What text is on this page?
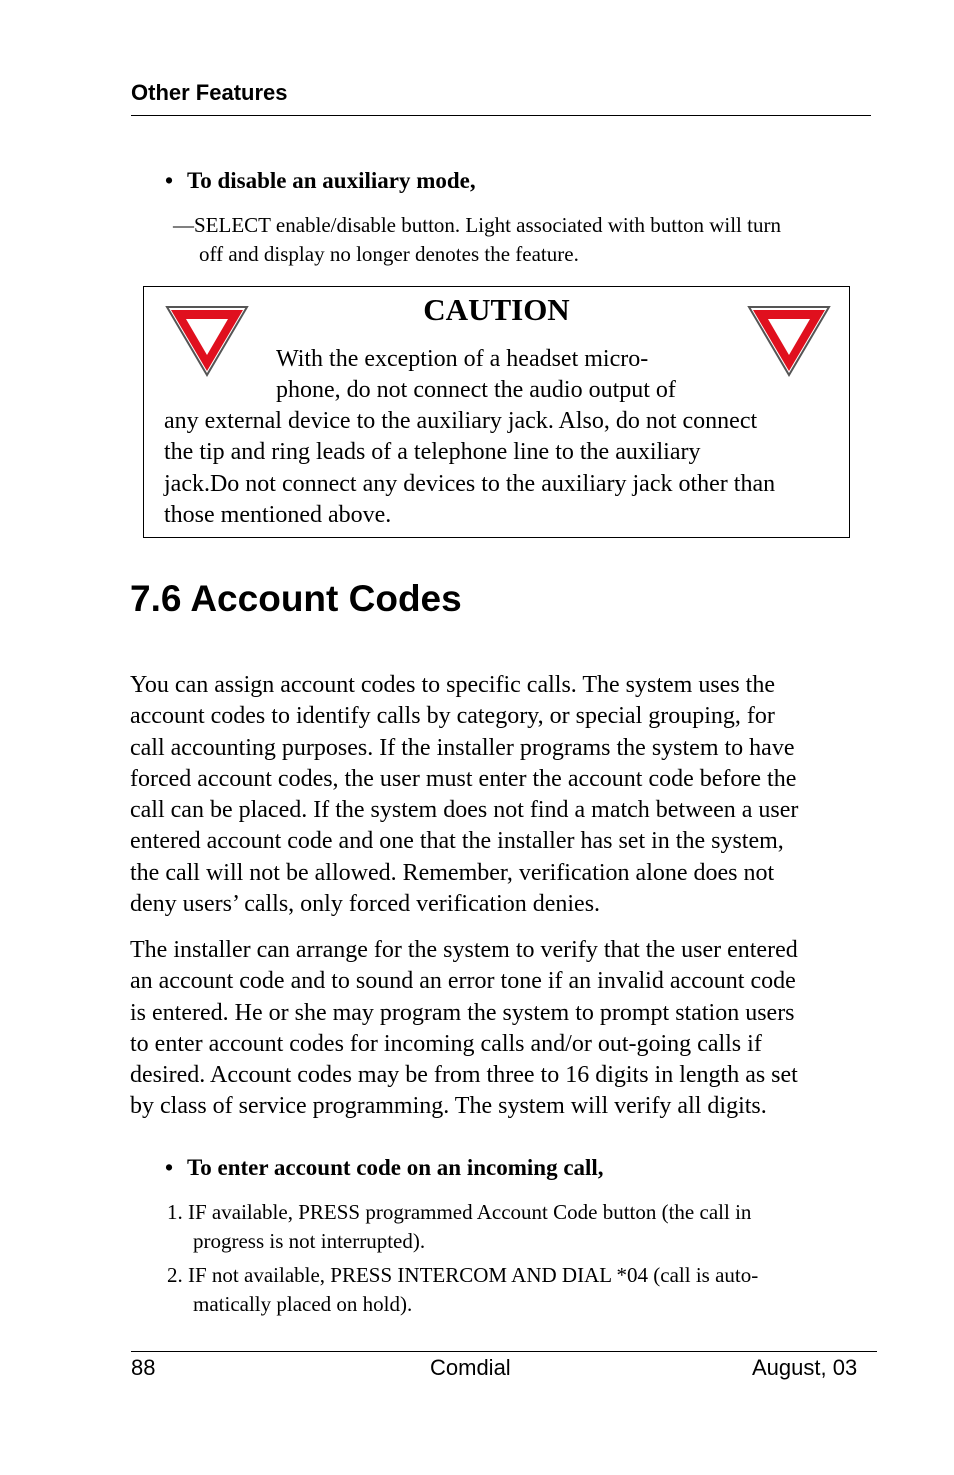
Other Features
• To disable an auxiliary mode,
—SELECT enable/disable button. Light associated with button will turn
off and display no longer denotes the feature.
CAUTION
With the exception of a headset micro-
phone, do not connect the audio output of
any external device to the auxiliary jack. Also, do not connect
the tip and ring leads of a telephone line to the auxiliary
jack.Do not connect any devices to the auxiliary jack other than
those mentioned above.
7.6 Account Codes
You can assign account codes to specific calls. The system uses the
account codes to identify calls by category, or special grouping, for
call accounting purposes. If the installer programs the system to have
forced account codes, the user must enter the account code before the
call can be placed. If the system does not find a match between a user
entered account code and one that the installer has set in the system,
the call will not be allowed. Remember, verification alone does not
deny users’ calls, only forced verification denies.
The installer can arrange for the system to verify that the user entered
an account code and to sound an error tone if an invalid account code
is entered. He or she may program the system to prompt station users
to enter account codes for incoming calls and/or out-going calls if
desired. Account codes may be from three to 16 digits in length as set
by class of service programming. The system will verify all digits.
• To enter account code on an incoming call,
1. IF available, PRESS programmed Account Code button (the call in
progress is not interrupted).
2. IF not available, PRESS INTERCOM AND DIAL *04 (call is auto-
matically placed on hold).
88	Comdial	August, 03
